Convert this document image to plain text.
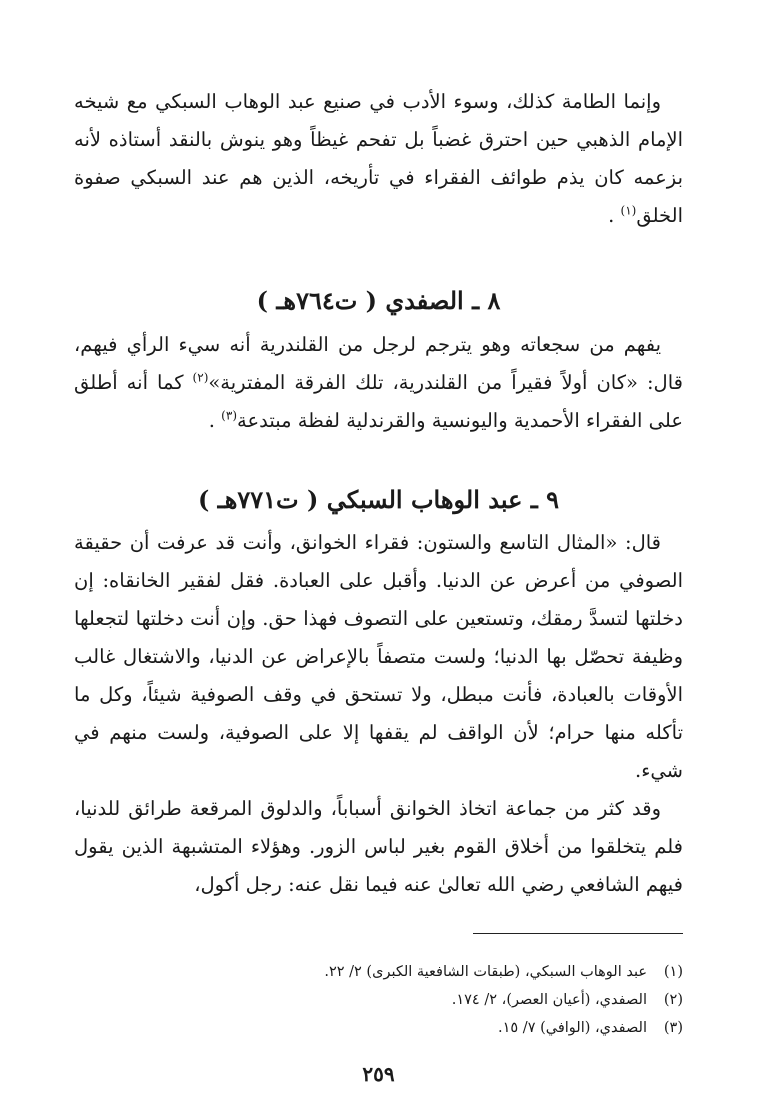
وإنما الطامة كذلك، وسوء الأدب في صنيع عبد الوهاب السبكي مع شيخه الإمام الذهبي حين احترق غضباً بل تفحم غيظاً وهو ينوش بالنقد أستاذه لأنه بزعمه كان يذم طوائف الفقراء في تأريخه، الذين هم عند السبكي صفوة الخلق$^{(١)}$ .

٨ ـ الصفدي ( ت٧٦٤هـ )

يفهم من سجعاته وهو يترجم لرجل من القلندرية أنه سيء الرأي فيهم، قال: «كان أولاً فقيراً من القلندرية، تلك الفرقة المفترية»$^{(٢)}$ كما أنه أطلق على الفقراء الأحمدية واليونسية والقرندلية لفظة مبتدعة$^{(٣)}$ .

٩ ـ عبد الوهاب السبكي ( ت٧٧١هـ )

قال: «المثال التاسع والستون: فقراء الخوانق، وأنت قد عرفت أن حقيقة الصوفي من أعرض عن الدنيا. وأقبل على العبادة. فقل لفقير الخانقاه: إن دخلتها لتسدَّ رمقك، وتستعين على التصوف فهذا حق. وإن أنت دخلتها لتجعلها وظيفة تحصّل بها الدنيا؛ ولست متصفاً بالإعراض عن الدنيا، والاشتغال غالب الأوقات بالعبادة، فأنت مبطل، ولا تستحق في وقف الصوفية شيئاً، وكل ما تأكله منها حرام؛ لأن الواقف لم يقفها إلا على الصوفية، ولست منهم في شيء.

وقد كثر من جماعة اتخاذ الخوانق أسباباً، والدلوق المرقعة طرائق للدنيا، فلم يتخلقوا من أخلاق القوم بغير لباس الزور. وهؤلاء المتشبهة الذين يقول فيهم الشافعي رضي الله تعالىٰ عنه فيما نقل عنه: رجل أكول،

(١)عبد الوهاب السبكي، (طبقات الشافعية الكبرى) ٢/ ٢٢.
(٢)الصفدي، (أعيان العصر)، ٢/ ١٧٤.
(٣)الصفدي، (الوافي) ٧/ ١٥.
٢٥٩
